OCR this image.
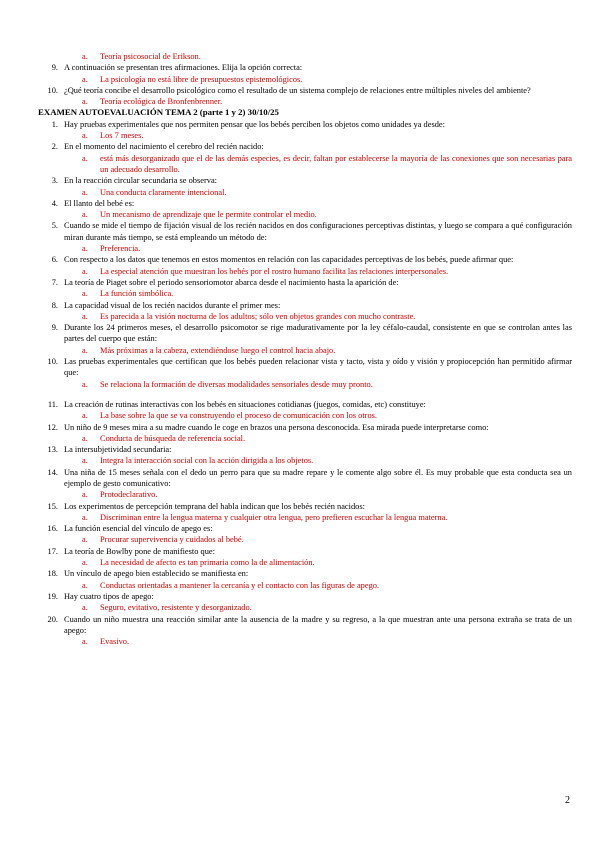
a. Teoría psicosocial de Erikson.
9. A continuación se presentan tres afirmaciones. Elija la opción correcta:
a. La psicología no está libre de presupuestos epistemológicos.
10. ¿Qué teoría concibe el desarrollo psicológico como el resultado de un sistema complejo de relaciones entre múltiples niveles del ambiente?
a. Teoría ecológica de Bronfenbrenner.
EXAMEN AUTOEVALUACIÓN TEMA 2 (parte 1 y 2) 30/10/25
1. Hay pruebas experimentales que nos permiten pensar que los bebés perciben los objetos como unidades ya desde:
a. Los 7 meses.
2. En el momento del nacimiento el cerebro del recién nacido:
a. está más desorganizado que el de las demás especies, es decir, faltan por establecerse la mayoría de las conexiones que son necesarias para un adecuado desarrollo.
3. En la reacción circular secundaria se observa:
a. Una conducta claramente intencional.
4. El llanto del bebé es:
a. Un mecanismo de aprendizaje que le permite controlar el medio.
5. Cuando se mide el tiempo de fijación visual de los recién nacidos en dos configuraciones perceptivas distintas, y luego se compara a qué configuración miran durante más tiempo, se está empleando un método de:
a. Preferencia.
6. Con respecto a los datos que tenemos en estos momentos en relación con las capacidades perceptivas de los bebés, puede afirmar que:
a. La especial atención que muestran los bebés por el rostro humano facilita las relaciones interpersonales.
7. La teoría de Piaget sobre el periodo sensoriomotor abarca desde el nacimiento hasta la aparición de:
a. La función simbólica.
8. La capacidad visual de los recién nacidos durante el primer mes:
a. Es parecida a la visión nocturna de los adultos; sólo ven objetos grandes con mucho contraste.
9. Durante los 24 primeros meses, el desarrollo psicomotor se rige madurativamente por la ley céfalo-caudal, consistente en que se controlan antes las partes del cuerpo que están:
a. Más próximas a la cabeza, extendiéndose luego el control hacia abajo.
10. Las pruebas experimentales que certifican que los bebés pueden relacionar vista y tacto, vista y oído y visión y propiocepción han permitido afirmar que:
a. Se relaciona la formación de diversas modalidades sensoriales desde muy pronto.
11. La creación de rutinas interactivas con los bebés en situaciones cotidianas (juegos, comidas, etc) constituye:
a. La base sobre la que se va construyendo el proceso de comunicación con los otros.
12. Un niño de 9 meses mira a su madre cuando le coge en brazos una persona desconocida. Esa mirada puede interpretarse como:
a. Conducta de búsqueda de referencia social.
13. La intersubjetividad secundaria:
a. Integra la interacción social con la acción dirigida a los objetos.
14. Una niña de 15 meses señala con el dedo un perro para que su madre repare y le comente algo sobre él. Es muy probable que esta conducta sea un ejemplo de gesto comunicativo:
a. Protodeclarativo.
15. Los experimentos de percepción temprana del habla indican que los bebés recién nacidos:
a. Discriminan entre la lengua materna y cualquier otra lengua, pero prefieren escuchar la lengua materna.
16. La función esencial del vínculo de apego es:
a. Procurar supervivencia y cuidados al bebé.
17. La teoría de Bowlby pone de manifiesto que:
a. La necesidad de afecto es tan primaria como la de alimentación.
18. Un vínculo de apego bien establecido se manifiesta en:
a. Conductas orientadas a mantener la cercanía y el contacto con las figuras de apego.
19. Hay cuatro tipos de apego:
a. Seguro, evitativo, resistente y desorganizado.
20. Cuando un niño muestra una reacción similar ante la ausencia de la madre y su regreso, a la que muestran ante una persona extraña se trata de un apego:
a. Evasivo.
2
